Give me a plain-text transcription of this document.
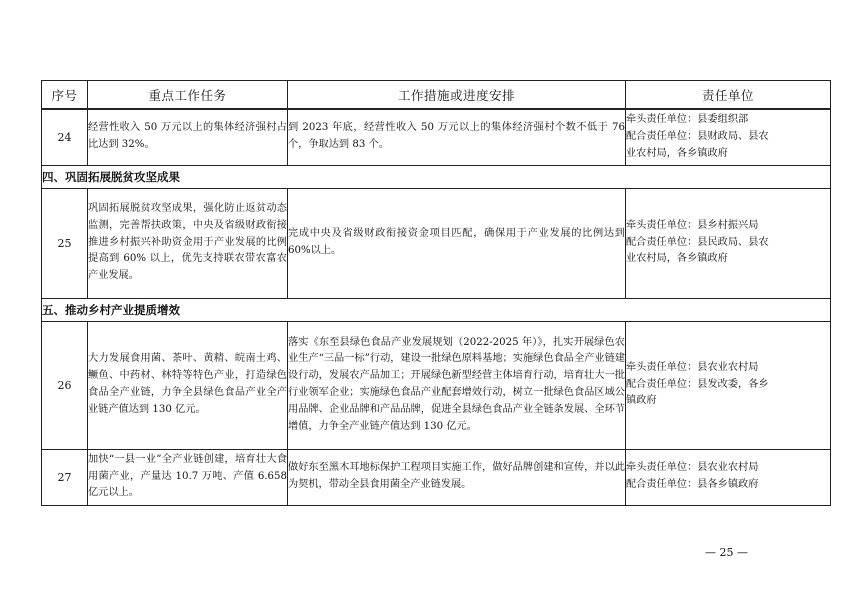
序号	重点工作任务	工作措施或进度安排	责任单位
24	经营性收入 50 万元以上的集体经济强村占比达到 32%。	到 2023 年底，经营性收入 50 万元以上的集体经济强村个数不低于 76 个，争取达到 83 个。	牵头责任单位：县委组织部
配合责任单位：县财政局、县农
业农村局，各乡镇政府

四、巩固拓展脱贫攻坚成果			
25	巩固拓展脱贫攻坚成果，强化防止返贫动态监测，完善帮扶政策，中央及省级财政衔接推进乡村振兴补助资金用于产业发展的比例提高到 60% 以上，优先支持联农带农富农产业发展。	完成中央及省级财政衔接资金项目匹配，确保用于产业发展的比例达到 60%以上。	牵头责任单位：县乡村振兴局
配合责任单位：县民政局、县农
业农村局，各乡镇政府

五、推动乡村产业提质增效			
26	大力发展食用菌、茶叶、黄精、皖南土鸡、鳜鱼、中药材、林特等特色产业，打造绿色食品全产业链，力争全县绿色食品产业全产业链产值达到 130 亿元。	落实《东至县绿色食品产业发展规划（2022-2025 年）》，扎实开展绿色农业生产“三品一标”行动，建设一批绿色原料基地；实施绿色食品全产业链建设行动，发展农产品加工；开展绿色新型经营主体培育行动，培育壮大一批行业领军企业；实施绿色食品产业配套增效行动，树立一批绿色食品区域公用品牌、企业品牌和产品品牌，促进全县绿色食品产业全链条发展、全环节增值，力争全产业链产值达到 130 亿元。	牵头责任单位：县农业农村局
配合责任单位：县发改委，各乡
镇政府

27	加快“一县一业”全产业链创建，培育壮大食用菌产业，产量达 10.7 万吨、产值 6.658 亿元以上。	做好东至黑木耳地标保护工程项目实施工作，做好品牌创建和宣传，并以此为契机，带动全县食用菌全产业链发展。	牵头责任单位：县农业农村局
配合责任单位：县各乡镇政府
— 25 —
